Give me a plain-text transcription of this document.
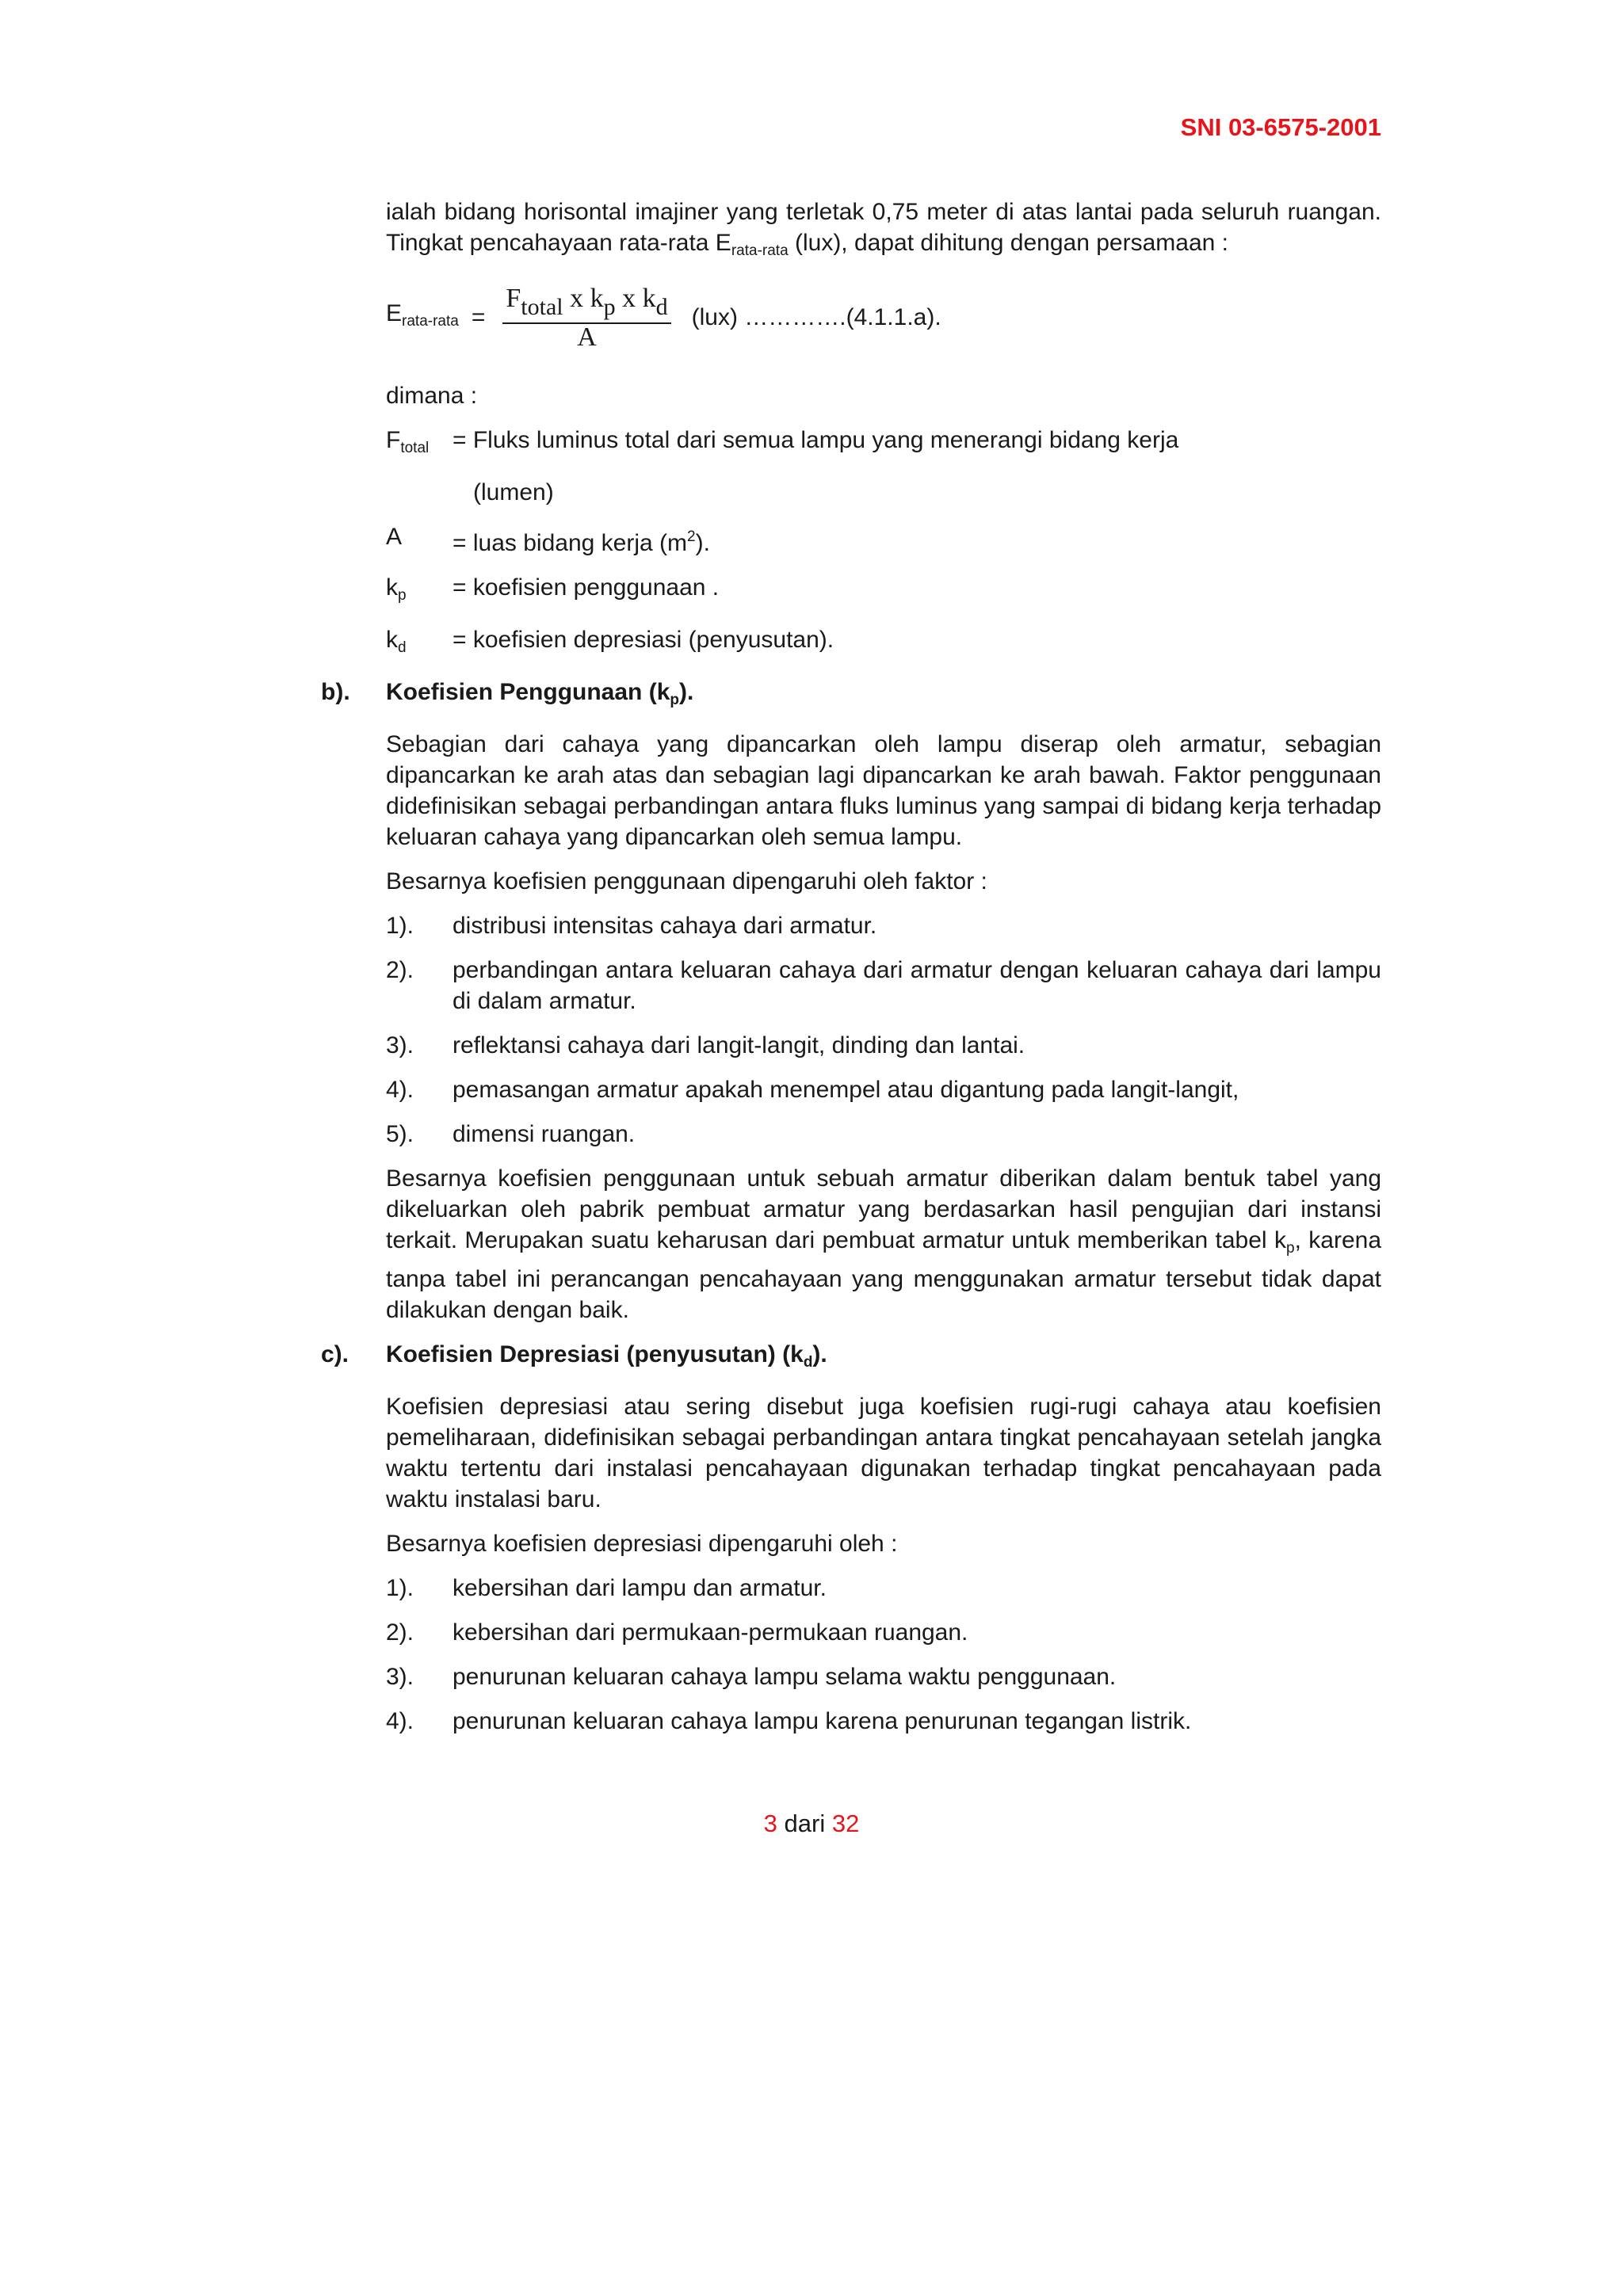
SNI 03-6575-2001

ialah bidang horisontal imajiner yang terletak 0,75 meter di atas lantai pada seluruh ruangan. Tingkat pencahayaan rata-rata $E_{rata-rata}$ (lux), dapat dihitung dengan persamaan :

$E_{rata-rata} = \frac{\text{Ftotal x kp x kd}}{A} (lux)$ ………….(4.1.1.a).
dimana :
$F_{total}$ = Fluks luminus total dari semua lampu yang menerangi bidang kerja
(lumen)
A	= luas bidang kerja $(m^2)$.
$k_p$	= koefisien penggunaan .
$k_d$	= koefisien depresiasi (penyusutan).
b).	Koefisien Penggunaan $(k_p)$.

Sebagian dari cahaya yang dipancarkan oleh lampu diserap oleh armatur, sebagian dipancarkan ke arah atas dan sebagian lagi dipancarkan ke arah bawah. Faktor penggunaan didefinisikan sebagai perbandingan antara fluks luminus yang sampai di bidang kerja terhadap keluaran cahaya yang dipancarkan oleh semua lampu.

Besarnya koefisien penggunaan dipengaruhi oleh faktor :

1).	distribusi intensitas cahaya dari armatur.
2).	perbandingan antara keluaran cahaya dari armatur dengan keluaran cahaya dari lampu di dalam armatur.
3).	reflektansi cahaya dari langit-langit, dinding dan lantai.
4).	pemasangan armatur apakah menempel atau digantung pada langit-langit,
5).	dimensi ruangan.

Besarnya koefisien penggunaan untuk sebuah armatur diberikan dalam bentuk tabel yang dikeluarkan oleh pabrik pembuat armatur yang berdasarkan hasil pengujian dari instansi terkait. Merupakan suatu keharusan dari pembuat armatur untuk memberikan tabel $k_p$, karena tanpa tabel ini perancangan pencahayaan yang menggunakan armatur tersebut tidak dapat dilakukan dengan baik.

c).	Koefisien Depresiasi (penyusutan) $(k_d)$.

Koefisien depresiasi atau sering disebut juga koefisien rugi-rugi cahaya atau koefisien pemeliharaan, didefinisikan sebagai perbandingan antara tingkat pencahayaan setelah jangka waktu tertentu dari instalasi pencahayaan digunakan terhadap tingkat pencahayaan pada waktu instalasi baru.

Besarnya koefisien depresiasi dipengaruhi oleh :

1).	kebersihan dari lampu dan armatur.
2).	kebersihan dari permukaan-permukaan ruangan.
3).	penurunan keluaran cahaya lampu selama waktu penggunaan.
4).	penurunan keluaran cahaya lampu karena penurunan tegangan listrik.
3 dari 32
